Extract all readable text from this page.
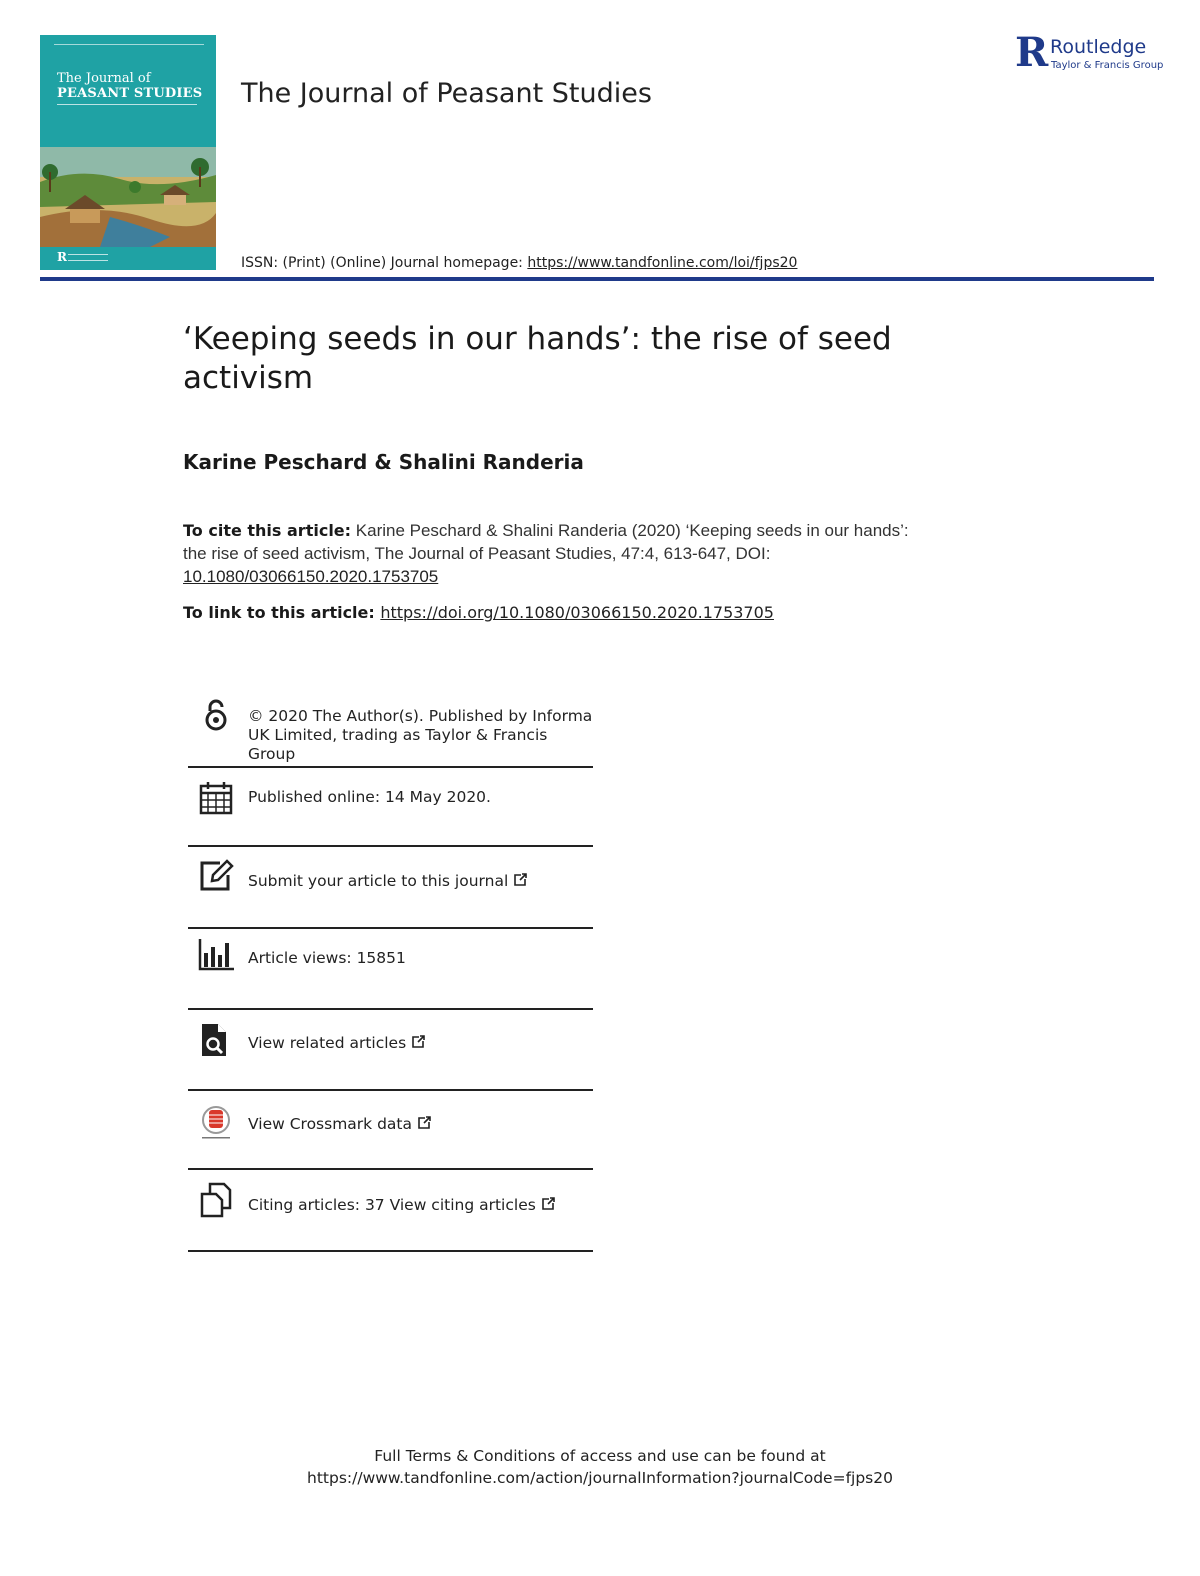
The Journal of
PEASANT STUDIES
R
The Journal of Peasant Studies
ISSN: (Print) (Online) Journal homepage: https://www.tandfonline.com/loi/fjps20
R Routledge
Taylor & Francis Group
‘Keeping seeds in our hands’: the rise of seed activism
Karine Peschard & Shalini Randeria
To cite this article: Karine Peschard & Shalini Randeria (2020) ‘Keeping seeds in our hands’: the rise of seed activism, The Journal of Peasant Studies, 47:4, 613-647, DOI: 10.1080/03066150.2020.1753705
To link to this article: https://doi.org/10.1080/03066150.2020.1753705
© 2020 The Author(s). Published by Informa UK Limited, trading as Taylor & Francis Group
Published online: 14 May 2020.
Submit your article to this journal
Article views: 15851
View related articles
View Crossmark data
Citing articles: 37 View citing articles
Full Terms & Conditions of access and use can be found at
https://www.tandfonline.com/action/journalInformation?journalCode=fjps20
